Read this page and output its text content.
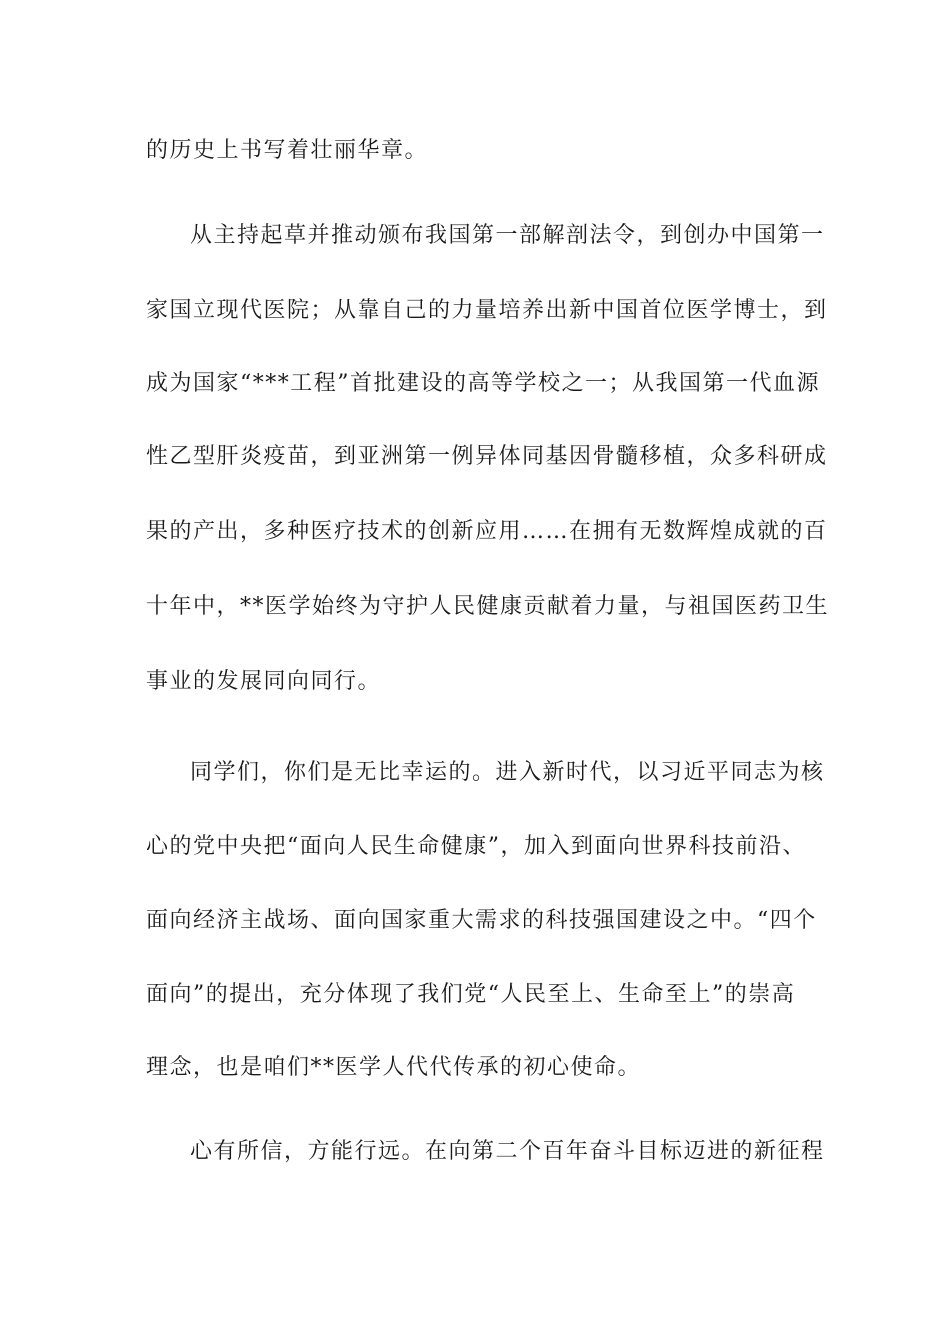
的历史上书写着壮丽华章。
从主持起草并推动颁布我国第一部解剖法令，到创办中国第一
家国立现代医院；从靠自己的力量培养出新中国首位医学博士，到
成为国家“***工程”首批建设的高等学校之一；从我国第一代血源
性乙型肝炎疫苗，到亚洲第一例异体同基因骨髓移植，众多科研成
果的产出，多种医疗技术的创新应用……在拥有无数辉煌成就的百
十年中，**医学始终为守护人民健康贡献着力量，与祖国医药卫生
事业的发展同向同行。
同学们，你们是无比幸运的。进入新时代，以习近平同志为核
心的党中央把“面向人民生命健康”，加入到面向世界科技前沿、
面向经济主战场、面向国家重大需求的科技强国建设之中。“四个
面向”的提出，充分体现了我们党“人民至上、生命至上”的崇高
理念，也是咱们**医学人代代传承的初心使命。
心有所信，方能行远。在向第二个百年奋斗目标迈进的新征程
